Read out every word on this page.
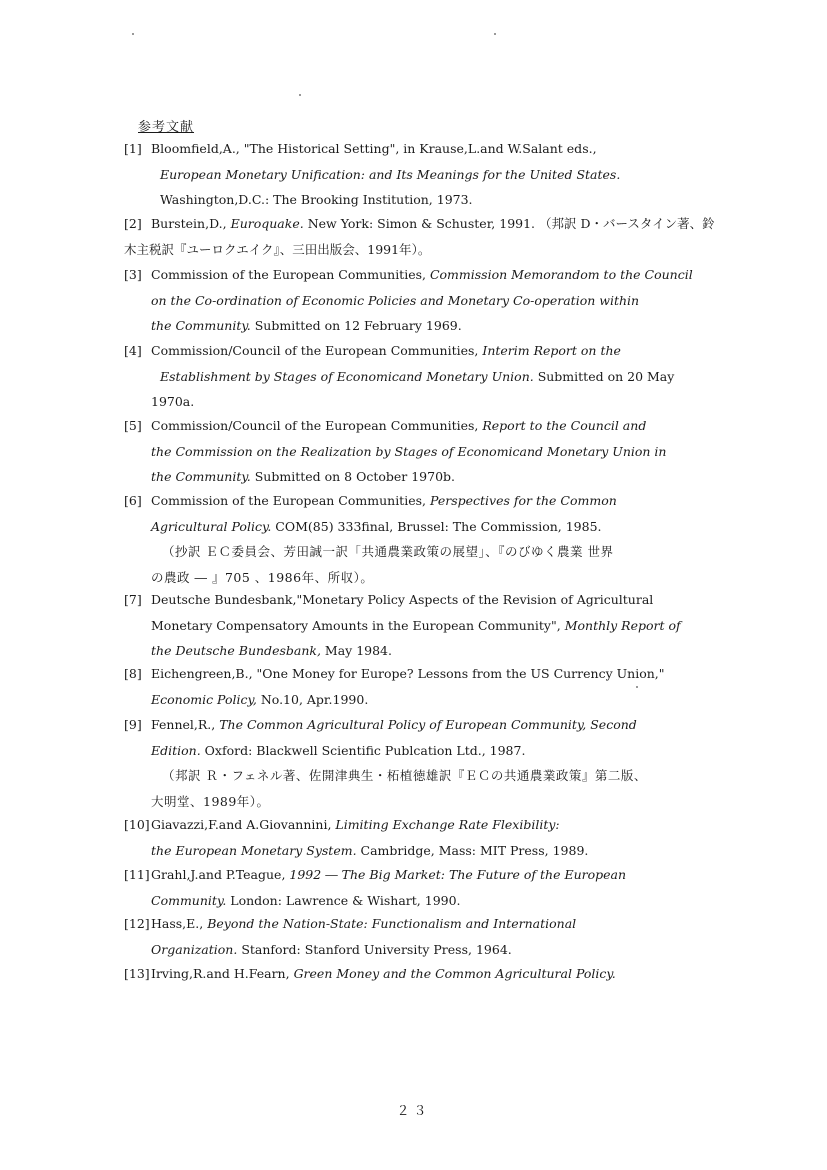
参考文献
[1] Bloomfield,A., "The Historical Setting", in Krause,L.and W.Salant eds.,
European Monetary Unification: and Its Meanings for the United States.
Washington,D.C.: The Brooking Institution, 1973.
[2] Burstein,D., Euroquake. New York: Simon & Schuster, 1991. （邦訳 D・バースタイン著、鈴木主税訳『ユーロクエイク』、三田出版会、1991年）。
[3] Commission of the European Communities, Commission Memorandom to the Council
on the Co-ordination of Economic Policies and Monetary Co-operation within
the Community. Submitted on 12 February 1969.
[4] Commission/Council of the European Communities, Interim Report on the
Establishment by Stages of Economicand Monetary Union. Submitted on 20 May
1970a.
[5] Commission/Council of the European Communities, Report to the Council and
the Commission on the Realization by Stages of Economicand Monetary Union in
the Community. Submitted on 8 October 1970b.
[6] Commission of the European Communities, Perspectives for the Common
Agricultural Policy. COM(85) 333final, Brussel: The Commission, 1985.
（抄訳 ＥＣ委員会、芳田誠一訳「共通農業政策の展望」、『のびゆく農業 世界
の農政 ― 』705 、1986年、所収）。
[7] Deutsche Bundesbank,"Monetary Policy Aspects of the Revision of Agricultural
Monetary Compensatory Amounts in the European Community", Monthly Report of
the Deutsche Bundesbank, May 1984.
[8] Eichengreen,B., "One Money for Europe? Lessons from the US Currency Union,"
Economic Policy, No.10, Apr.1990.
[9] Fennel,R., The Common Agricultural Policy of European Community, Second
Edition. Oxford: Blackwell Scientific Publcation Ltd., 1987.
（邦訳 Ｒ・フェネル著、佐開津典生・柘植徳雄訳『ＥＣの共通農業政策』第二版、
大明堂、1989年）。
[10]Giavazzi,F.and A.Giovannini, Limiting Exchange Rate Flexibility:
the European Monetary System. Cambridge, Mass: MIT Press, 1989.
[11]Grahl,J.and P.Teague, 1992 ― The Big Market: The Future of the European
Community. London: Lawrence & Wishart, 1990.
[12]Hass,E., Beyond the Nation-State: Functionalism and International
Organization. Stanford: Stanford University Press, 1964.
[13]Irving,R.and H.Fearn, Green Money and the Common Agricultural Policy.
２３
